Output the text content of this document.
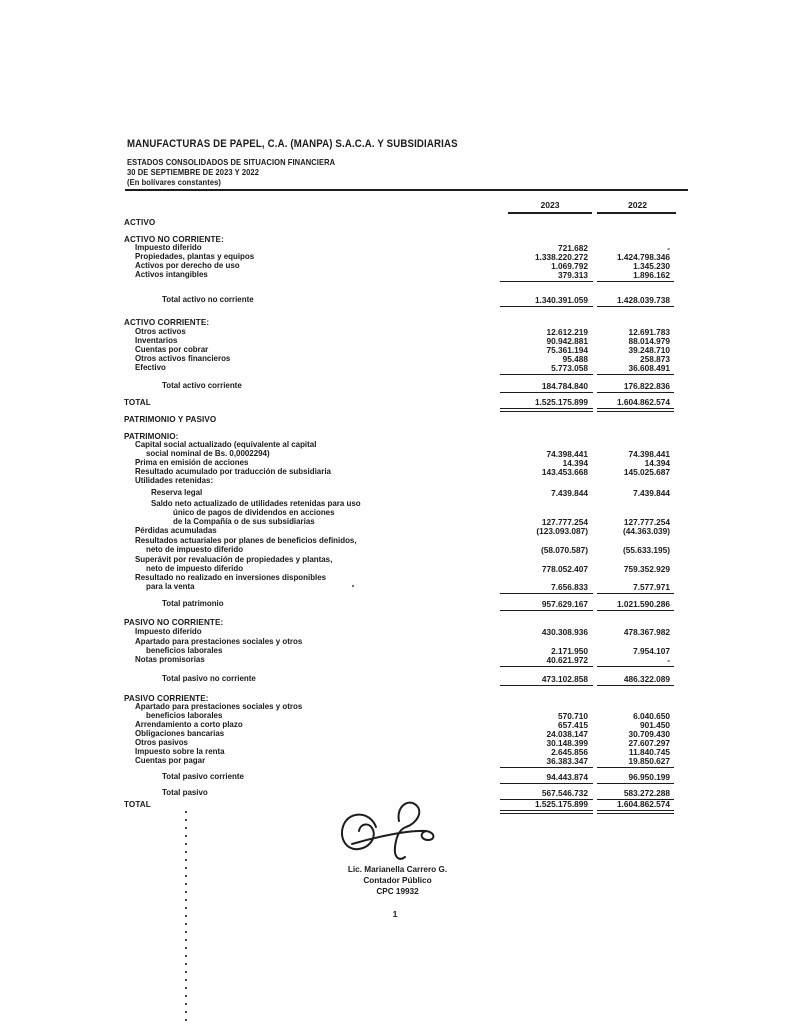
MANUFACTURAS DE PAPEL, C.A. (MANPA) S.A.C.A. Y SUBSIDIARIAS
ESTADOS CONSOLIDADOS DE SITUACION FINANCIERA
30 DE SEPTIEMBRE DE 2023 Y 2022
(En bolívares constantes)
2023	2022
ACTIVO
ACTIVO NO CORRIENTE:
Impuesto diferido	721.682	-
Propiedades, plantas y equipos	1.338.220.272	1.424.798.346
Activos por derecho de uso	1.069.792	1.345.230
Activos intangibles	379.313	1.896.162
Total activo no corriente	1.340.391.059	1.428.039.738
ACTIVO CORRIENTE:
Otros activos	12.612.219	12.691.783
Inventarios	90.942.881	88.014.979
Cuentas por cobrar	75.361.194	39.248.710
Otros activos financieros	95.488	258.873
Efectivo	5.773.058	36.608.491
Total activo corriente	184.784.840	176.822.836
TOTAL	1.525.175.899	1.604.862.574
PATRIMONIO Y PASIVO
PATRIMONIO:
Capital social actualizado (equivalente al capital
social nominal de Bs. 0,0002294)	74.398.441	74.398.441
Prima en emisión de acciones	14.394	14.394
Resultado acumulado por traducción de subsidiaria	143.453.668	145.025.687
Utilidades retenidas:
Reserva legal	7.439.844	7.439.844
Saldo neto actualizado de utilidades retenidas para uso
único de pagos de dividendos en acciones
de la Compañía o de sus subsidiarias	127.777.254	127.777.254
Pérdidas acumuladas	(123.093.087)	(44.363.039)
Resultados actuariales por planes de beneficios definidos,
neto de impuesto diferido	(58.070.587)	(55.633.195)
Superávit por revaluación de propiedades y plantas,
neto de impuesto diferido	778.052.407	759.352.929
Resultado no realizado en inversiones disponibles
para la venta	7.656.833	7.577.971
Total patrimonio	957.629.167	1.021.590.286
PASIVO NO CORRIENTE:
Impuesto diferido	430.308.936	478.367.982
Apartado para prestaciones sociales y otros
beneficios laborales	2.171.950	7.954.107
Notas promisorias	40.621.972	-
Total pasivo no corriente	473.102.858	486.322.089
PASIVO CORRIENTE:
Apartado para prestaciones sociales y otros
beneficios laborales	570.710	6.040.650
Arrendamiento a corto plazo	657.415	901.450
Obligaciones bancarias	24.038.147	30.709.430
Otros pasivos	30.148.399	27.607.297
Impuesto sobre la renta	2.645.856	11.840.745
Cuentas por pagar	36.383.347	19.850.627
Total pasivo corriente	94.443.874	96.950.199
Total pasivo	567.546.732	583.272.288
TOTAL	1.525.175.899	1.604.862.574
Lic. Marianella Carrero G.
Contador Público
CPC 19932
1
